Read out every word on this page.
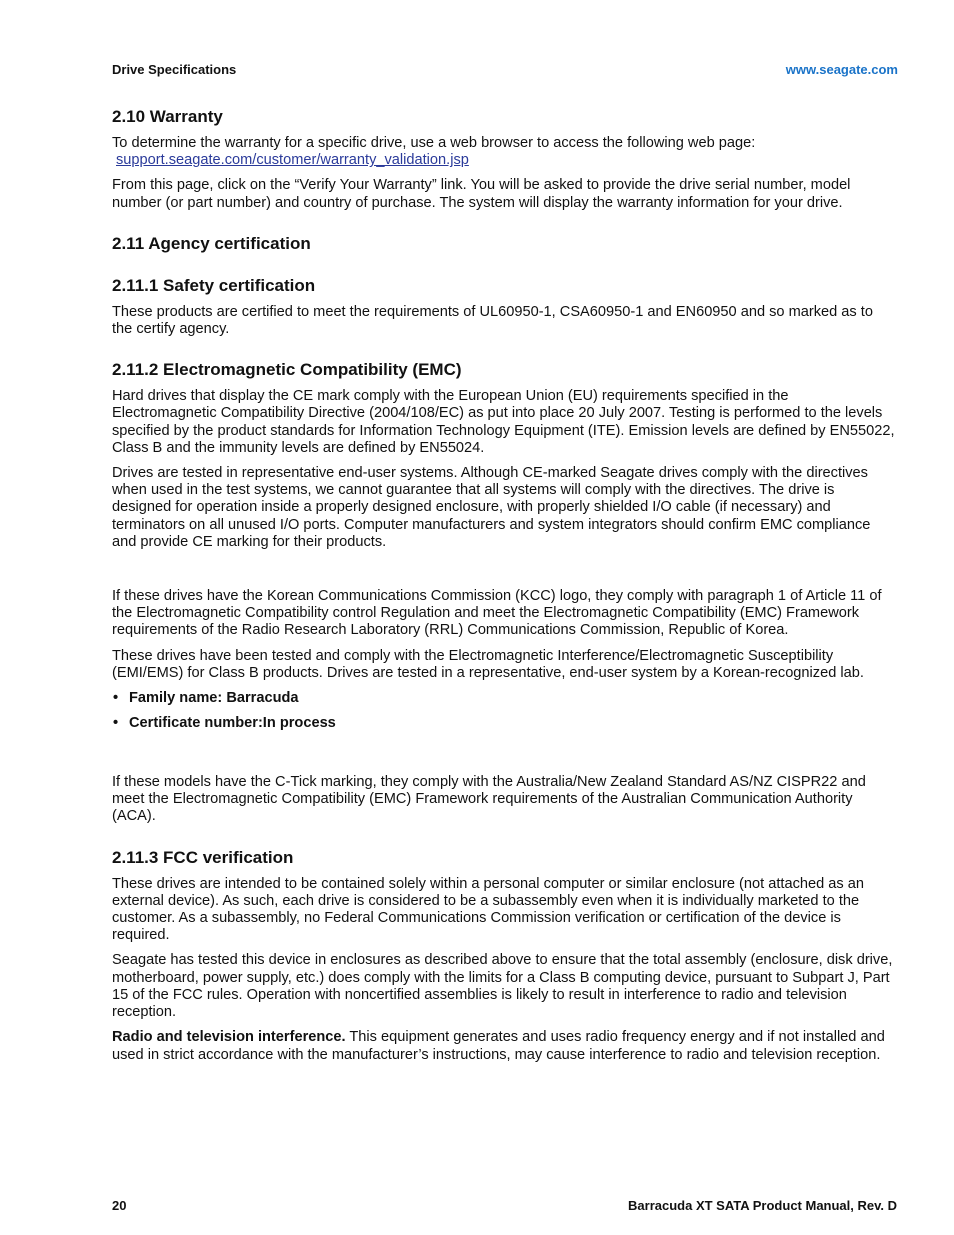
Drive Specifications	www.seagate.com
2.10 Warranty

To determine the warranty for a specific drive, use a web browser to access the following web page:
support.seagate.com/customer/warranty_validation.jsp

From this page, click on the “Verify Your Warranty” link. You will be asked to provide the drive serial number, model number (or part number) and country of purchase. The system will display the warranty information for your drive.

2.11 Agency certification
2.11.1 Safety certification

These products are certified to meet the requirements of UL60950-1, CSA60950-1 and EN60950 and so marked as to the certify agency.

2.11.2 Electromagnetic Compatibility (EMC)

Hard drives that display the CE mark comply with the European Union (EU) requirements specified in the Electromagnetic Compatibility Directive (2004/108/EC) as put into place 20 July 2007. Testing is performed to the levels specified by the product standards for Information Technology Equipment (ITE). Emission levels are defined by EN55022, Class B and the immunity levels are defined by EN55024.

Drives are tested in representative end-user systems. Although CE-marked Seagate drives comply with the directives when used in the test systems, we cannot guarantee that all systems will comply with the directives. The drive is designed for operation inside a properly designed enclosure, with properly shielded I/O cable (if necessary) and terminators on all unused I/O ports. Computer manufacturers and system integrators should confirm EMC compliance and provide CE marking for their products.

If these drives have the Korean Communications Commission (KCC) logo, they comply with paragraph 1 of Article 11 of the Electromagnetic Compatibility control Regulation and meet the Electromagnetic Compatibility (EMC) Framework requirements of the Radio Research Laboratory (RRL) Communications Commission, Republic of Korea.

These drives have been tested and comply with the Electromagnetic Interference/Electromagnetic Susceptibility (EMI/EMS) for Class B products. Drives are tested in a representative, end-user system by a Korean-recognized lab.

• Family name: Barracuda
• Certificate number:In process

If these models have the C-Tick marking, they comply with the Australia/New Zealand Standard AS/NZ CISPR22 and meet the Electromagnetic Compatibility (EMC) Framework requirements of the Australian Communication Authority (ACA).

2.11.3 FCC verification

These drives are intended to be contained solely within a personal computer or similar enclosure (not attached as an external device). As such, each drive is considered to be a subassembly even when it is individually marketed to the customer. As a subassembly, no Federal Communications Commission verification or certification of the device is required.

Seagate has tested this device in enclosures as described above to ensure that the total assembly (enclosure, disk drive, motherboard, power supply, etc.) does comply with the limits for a Class B computing device, pursuant to Subpart J, Part 15 of the FCC rules. Operation with noncertified assemblies is likely to result in interference to radio and television reception.

Radio and television interference. This equipment generates and uses radio frequency energy and if not installed and used in strict accordance with the manufacturer’s instructions, may cause interference to radio and television reception.

20	Barracuda XT SATA Product Manual, Rev. D
